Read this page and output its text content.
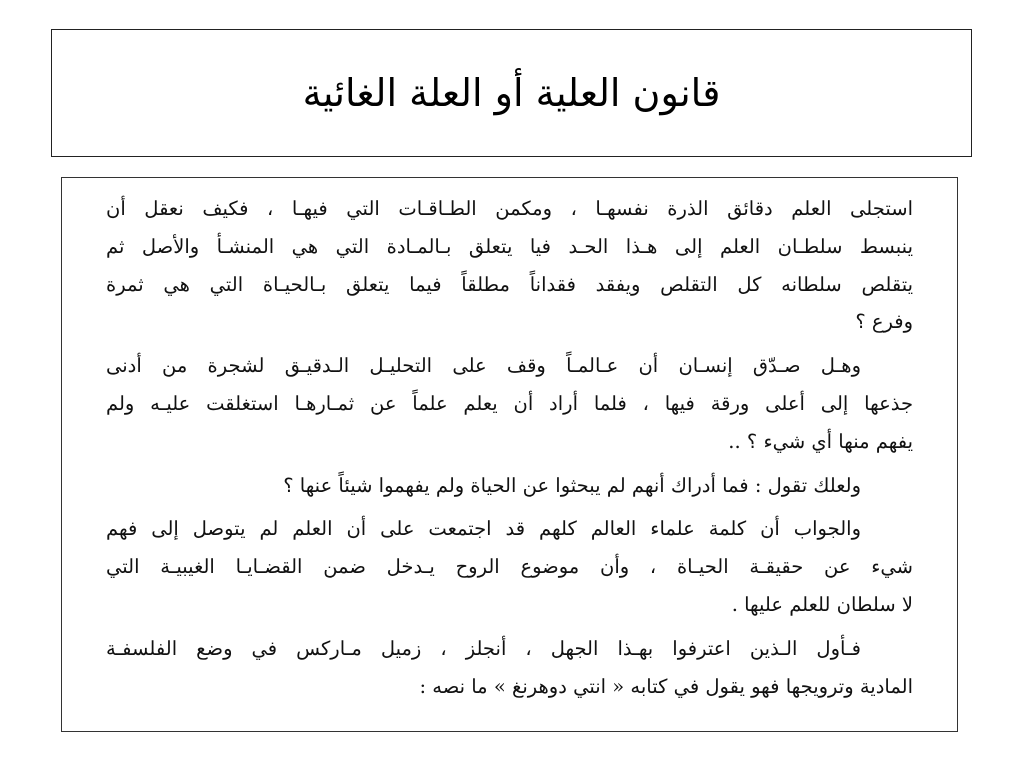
قانون العلية أو العلة الغائية
استجلى العلم دقائق الذرة نفسهـا ، ومكمن الطـاقـات التي فيهـا ، فكيف نعقل أن
ينبسط سلطـان العلم إلى هـذا الحـد فيا يتعلق بـالمـادة التي هي المنشـأ والأصل ثم
يتقلص سلطانه كل التقلص ويفقد فقداناً مطلقاً فيما يتعلق بـالحيـاة التي هي ثمرة
وفرع ؟
وهـل صـدّق إنسـان أن عـالمـاً وقف على التحليـل الـدقيـق لشجرة من أدنى
جذعها إلى أعلى ورقة فيها ، فلما أراد أن يعلم علماً عن ثمـارهـا استغلقت عليـه ولم
يفهم منها أي شيء ؟ ..
ولعلك تقول : فما أدراك أنهم لم يبحثوا عن الحياة ولم يفهموا شيئاً عنها ؟
والجواب أن كلمة علماء العالم كلهم قد اجتمعت على أن العلم لم يتوصل إلى فهم
شيء عن حقيقـة الحيـاة ، وأن موضوع الروح يـدخل ضمن القضـايـا الغيبيـة التي
لا سلطان للعلم عليها .
فـأول الـذين اعترفوا بهـذا الجهل ، أنجلز ، زميل مـاركس في وضع الفلسفـة
المادية وترويجها فهو يقول في كتابه « انتي دوهرنغ » ما نصه :
